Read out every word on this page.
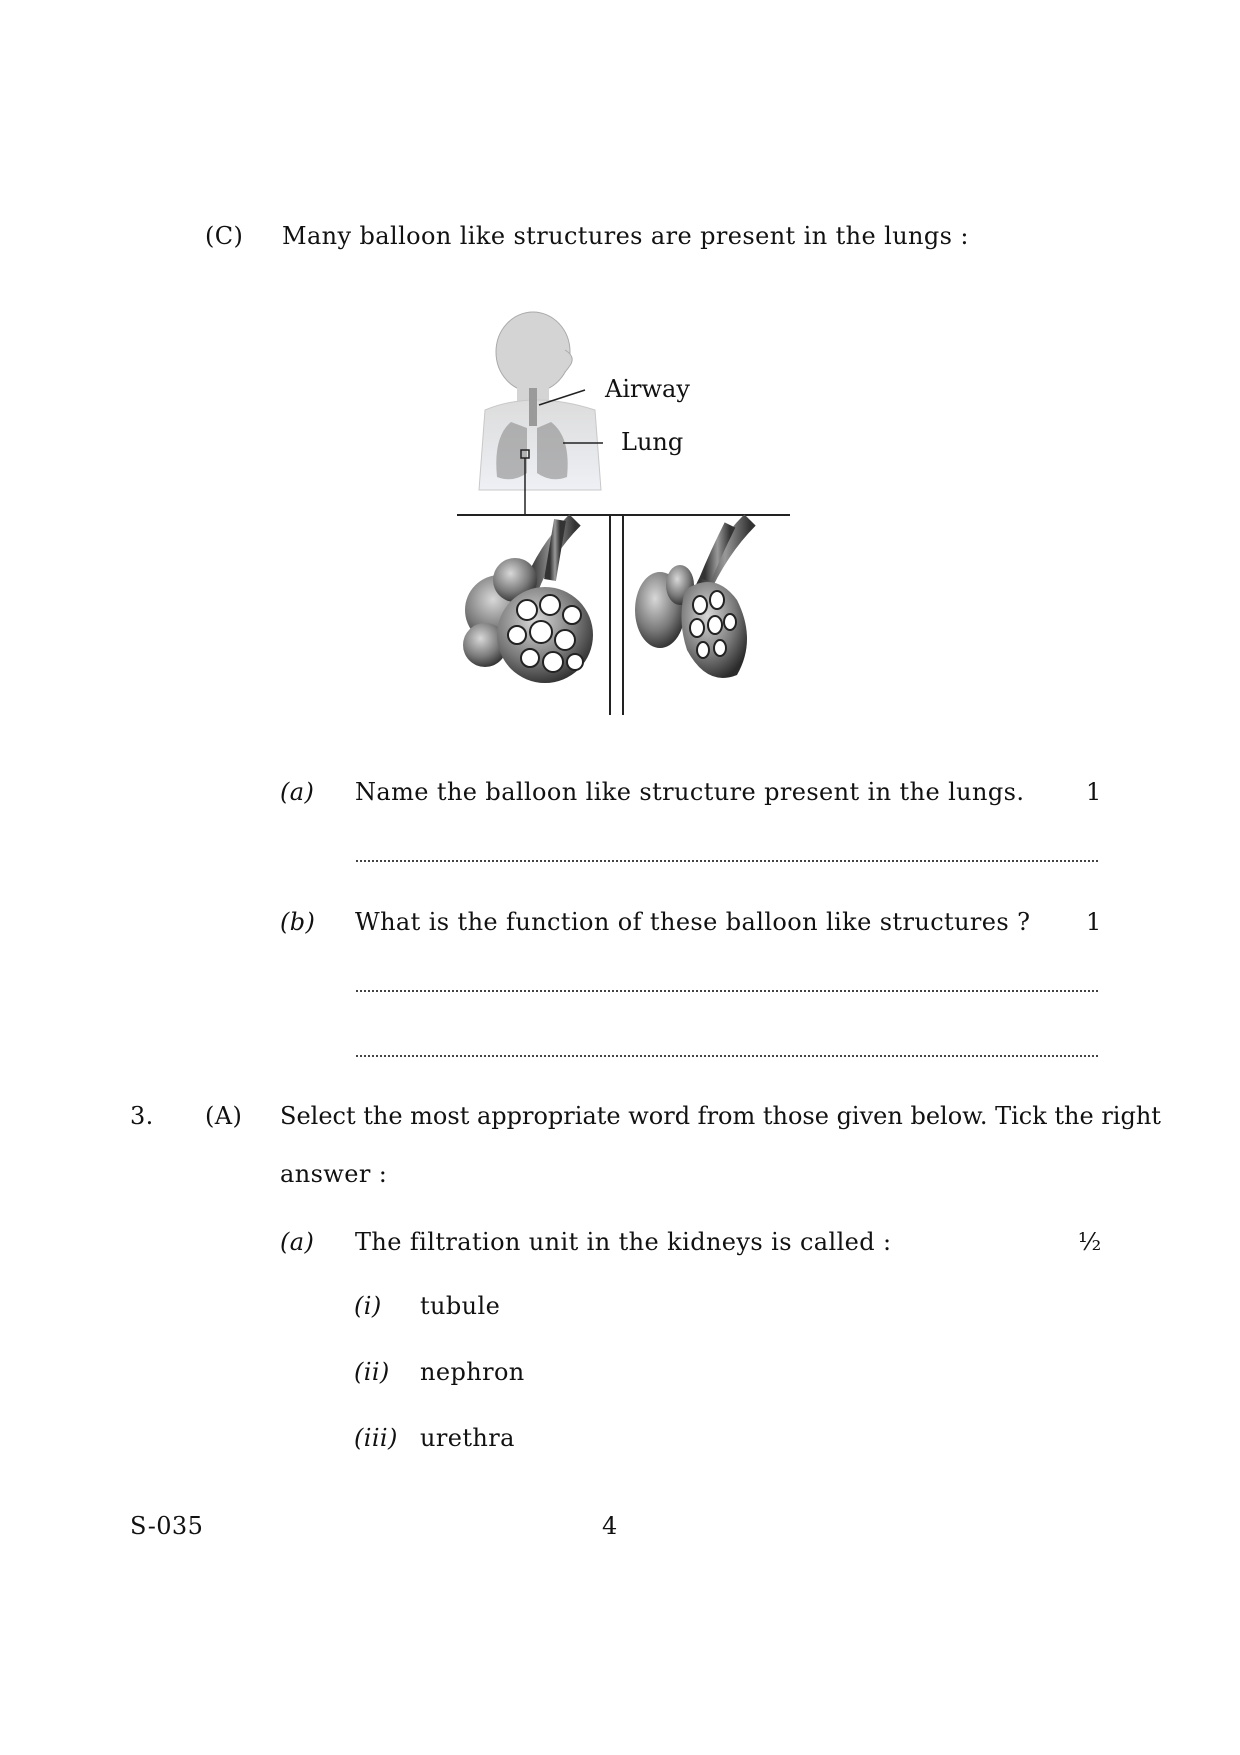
(C) Many balloon like structures are present in the lungs :
Airway
Lung
(a) Name the balloon like structure present in the lungs.	1
(b) What is the function of these balloon like structures ? 1
3. (A) Select the most appropriate word from those given below. Tick the right
answer :
(a) The filtration unit in the kidneys is called :	½
(i) tubule
(ii) nephron
(iii) urethra
S-035	4
